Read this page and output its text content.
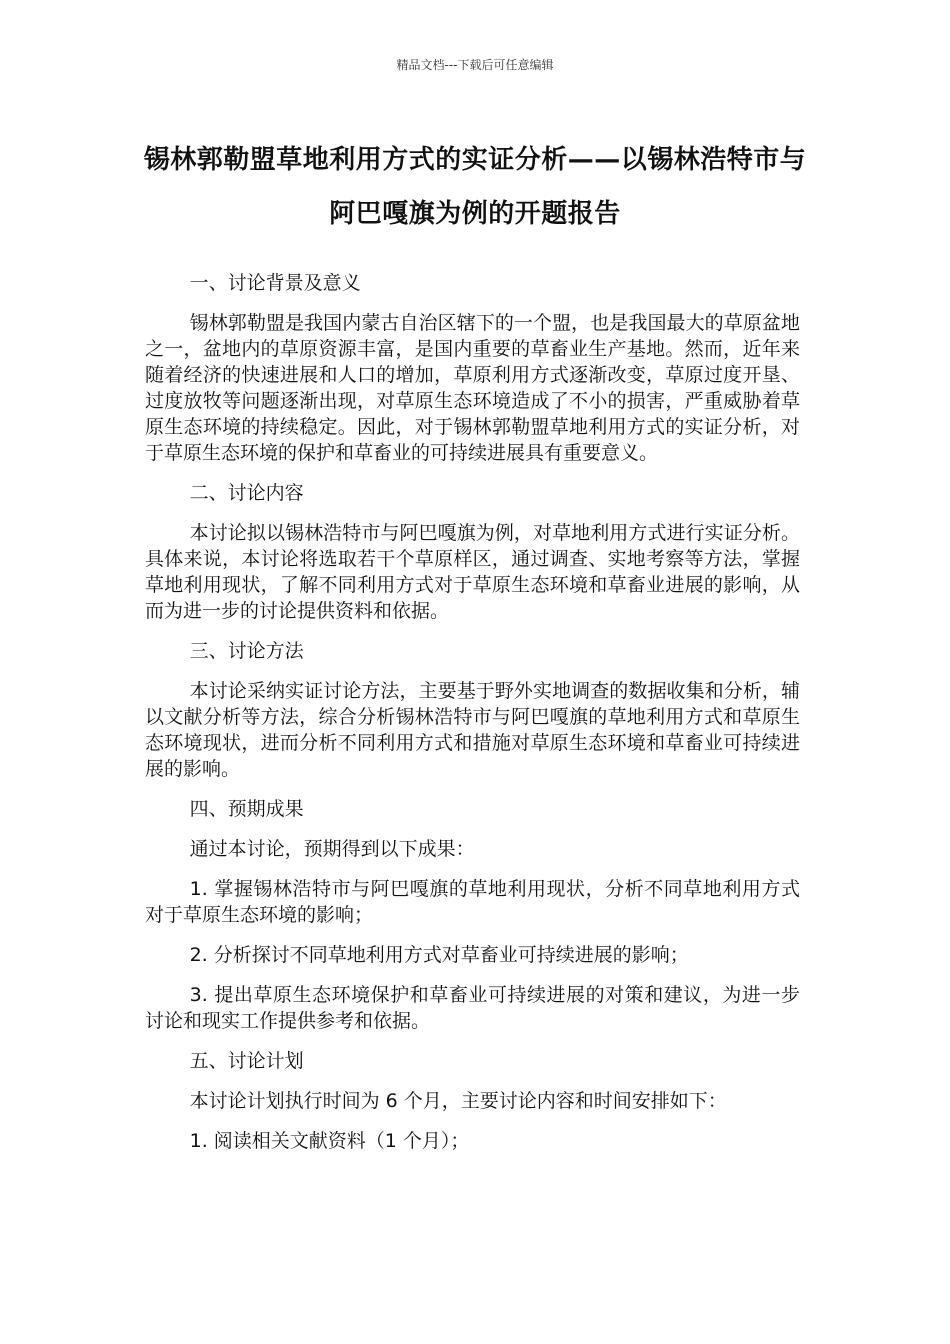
精品文档---下载后可任意编辑
锡林郭勒盟草地利用方式的实证分析——以锡林浩特市与阿巴嘎旗为例的开题报告
一、讨论背景及意义

锡林郭勒盟是我国内蒙古自治区辖下的一个盟，也是我国最大的草原盆地之一，盆地内的草原资源丰富，是国内重要的草畜业生产基地。然而，近年来随着经济的快速进展和人口的增加，草原利用方式逐渐改变，草原过度开垦、过度放牧等问题逐渐出现，对草原生态环境造成了不小的损害，严重威胁着草原生态环境的持续稳定。因此，对于锡林郭勒盟草地利用方式的实证分析，对于草原生态环境的保护和草畜业的可持续进展具有重要意义。

二、讨论内容

本讨论拟以锡林浩特市与阿巴嘎旗为例，对草地利用方式进行实证分析。具体来说，本讨论将选取若干个草原样区，通过调查、实地考察等方法，掌握草地利用现状，了解不同利用方式对于草原生态环境和草畜业进展的影响，从而为进一步的讨论提供资料和依据。

三、讨论方法

本讨论采纳实证讨论方法，主要基于野外实地调查的数据收集和分析，辅以文献分析等方法，综合分析锡林浩特市与阿巴嘎旗的草地利用方式和草原生态环境现状，进而分析不同利用方式和措施对草原生态环境和草畜业可持续进展的影响。

四、预期成果

通过本讨论，预期得到以下成果：

1. 掌握锡林浩特市与阿巴嘎旗的草地利用现状，分析不同草地利用方式对于草原生态环境的影响；

2. 分析探讨不同草地利用方式对草畜业可持续进展的影响；

3. 提出草原生态环境保护和草畜业可持续进展的对策和建议，为进一步讨论和现实工作提供参考和依据。

五、讨论计划

本讨论计划执行时间为 6 个月，主要讨论内容和时间安排如下：

1. 阅读相关文献资料（1 个月）；
